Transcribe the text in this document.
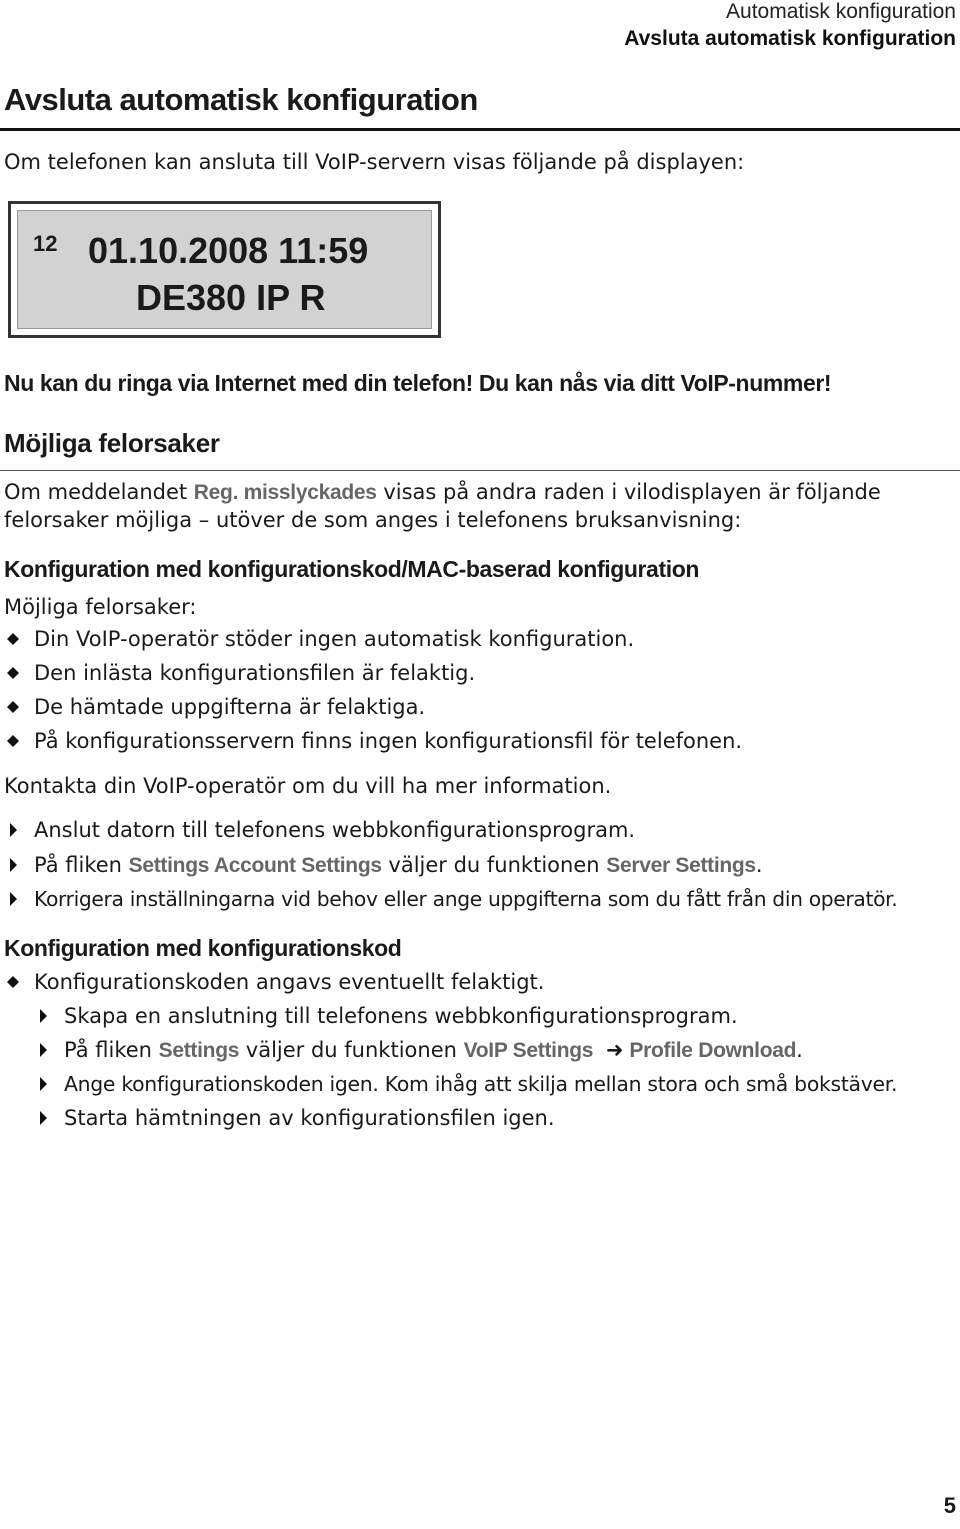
Automatisk konfiguration
Avsluta automatisk konfiguration
Avsluta automatisk konfiguration

Om telefonen kan ansluta till VoIP-servern visas följande på displayen:

12 01.10.2008 11:59
DE380 IP R
Nu kan du ringa via Internet med din telefon! Du kan nås via ditt VoIP-nummer!
Möjliga felorsaker
Om meddelandet Reg. misslyckades visas på andra raden i vilodisplayen är följande
felorsaker möjliga – utöver de som anges i telefonens bruksanvisning:
Konfiguration med konfigurationskod/MAC-baserad konfiguration
Möjliga felorsaker:
Din VoIP-operatör stöder ingen automatisk konfiguration.
Den inlästa konfigurationsfilen är felaktig.
De hämtade uppgifterna är felaktiga.
På konfigurationsservern finns ingen konfigurationsfil för telefonen.
Kontakta din VoIP-operatör om du vill ha mer information.
Anslut datorn till telefonens webbkonfigurationsprogram.
På fliken Settings Account Settings väljer du funktionen Server Settings.
Korrigera inställningarna vid behov eller ange uppgifterna som du fått från din operatör.
Konfiguration med konfigurationskod
Konfigurationskoden angavs eventuellt felaktigt.
Skapa en anslutning till telefonens webbkonfigurationsprogram.
På fliken Settings väljer du funktionen VoIP Settings ➜ Profile Download.
Ange konfigurationskoden igen. Kom ihåg att skilja mellan stora och små bokstäver.
Starta hämtningen av konfigurationsfilen igen.
5
